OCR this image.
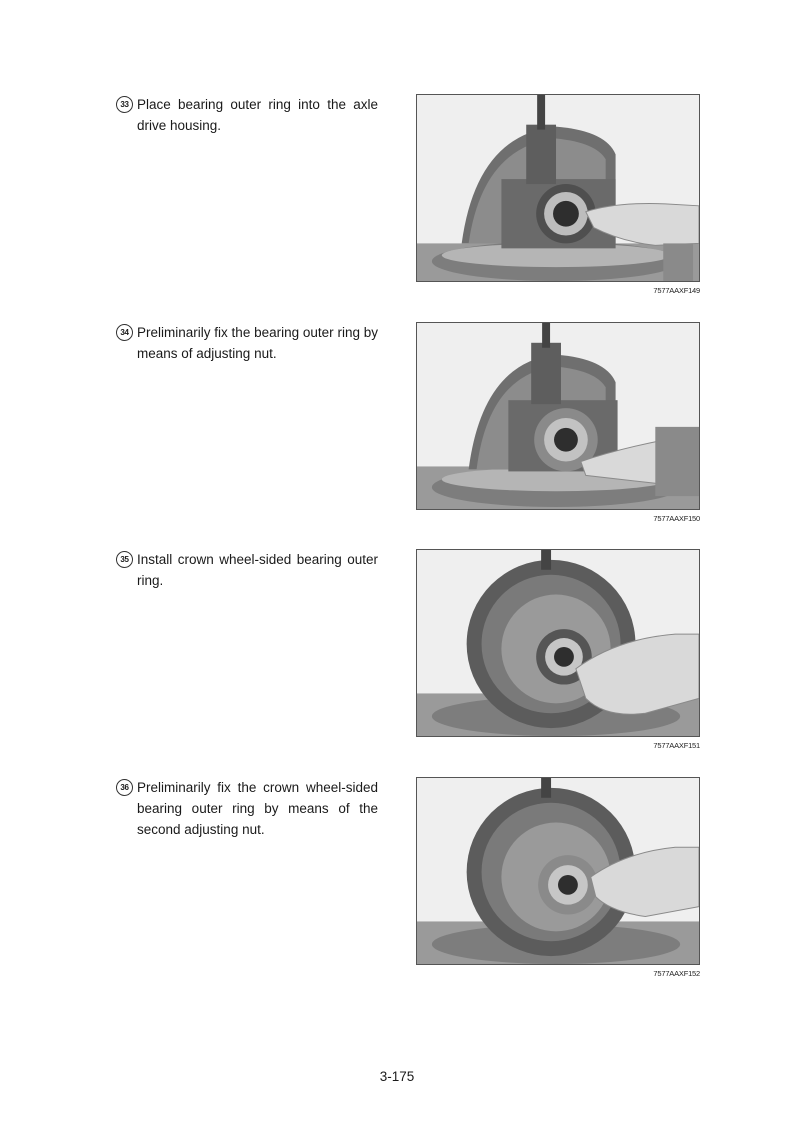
33 Place bearing outer ring into the axle drive housing.
7577AAXF149
34 Preliminarily fix the bearing outer ring by means of adjusting nut.
7577AAXF150
35 Install crown wheel-sided bearing outer ring.
7577AAXF151
36 Preliminarily fix the crown wheel-sided bearing outer ring by means of the second adjusting nut.
7577AAXF152
3-175
